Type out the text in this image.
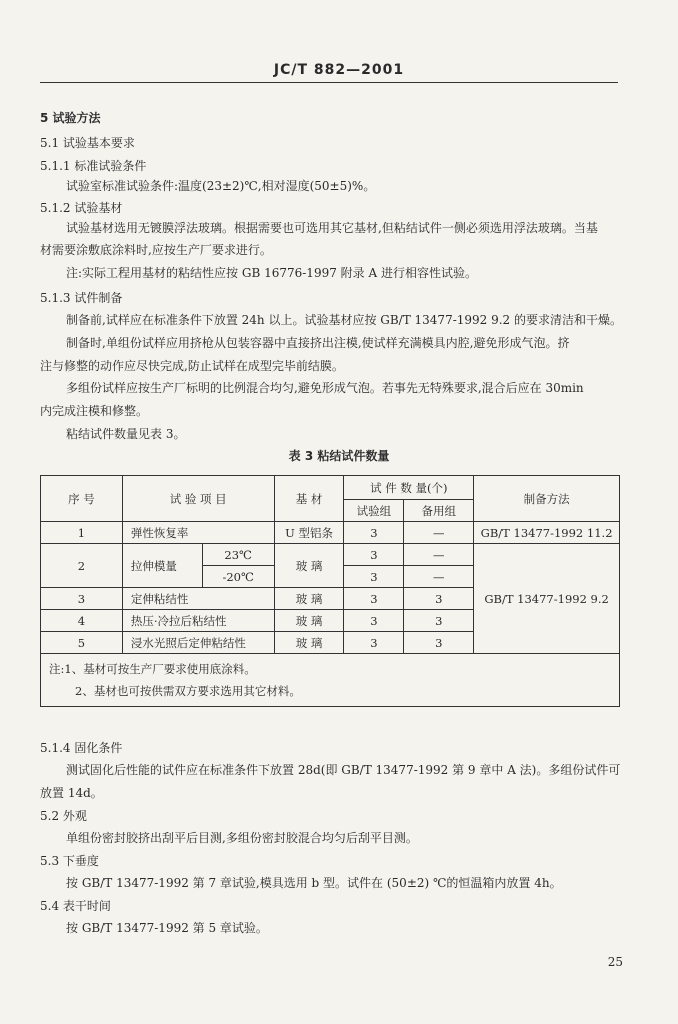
JC/T 882—2001
5 试验方法
5.1 试验基本要求
5.1.1 标准试验条件
试验室标准试验条件:温度(23±2)℃,相对湿度(50±5)%。
5.1.2 试验基材
试验基材选用无镀膜浮法玻璃。根据需要也可选用其它基材,但粘结试件一侧必须选用浮法玻璃。当基
材需要涂敷底涂料时,应按生产厂要求进行。
注:实际工程用基材的粘结性应按 GB 16776-1997 附录 A 进行相容性试验。
5.1.3 试件制备
制备前,试样应在标准条件下放置 24h 以上。试验基材应按 GB/T 13477-1992 9.2 的要求清洁和干燥。
制备时,单组份试样应用挤枪从包装容器中直接挤出注模,使试样充满模具内腔,避免形成气泡。挤
注与修整的动作应尽快完成,防止试样在成型完毕前结膜。
多组份试样应按生产厂标明的比例混合均匀,避免形成气泡。若事先无特殊要求,混合后应在 30min
内完成注模和修整。
粘结试件数量见表 3。
表 3 粘结试件数量
序 号	试 验 项 目		基 材	试 件 数 量(个)		制备方法
				试验组	备用组	
1	弹性恢复率		U 型铝条	3	—	GB/T 13477-1992 11.2
2	拉伸模量	23℃	玻 璃	3	—	GB/T 13477-1992 9.2
		-20℃		3	—	
3	定伸粘结性		玻 璃	3	3	
4	热压·冷拉后粘结性		玻 璃	3	3	
5	浸水光照后定伸粘结性		玻 璃	3	3	

注:1、基材可按生产厂要求使用底涂料。
2、基材也可按供需双方要求选用其它材料。						
5.1.4 固化条件
测试固化后性能的试件应在标准条件下放置 28d(即 GB/T 13477-1992 第 9 章中 A 法)。多组份试件可
放置 14d。
5.2 外观
单组份密封胶挤出刮平后目测,多组份密封胶混合均匀后刮平目测。
5.3 下垂度
按 GB/T 13477-1992 第 7 章试验,模具选用 b 型。试件在 (50±2) ℃的恒温箱内放置 4h。
5.4 表干时间
按 GB/T 13477-1992 第 5 章试验。
25
